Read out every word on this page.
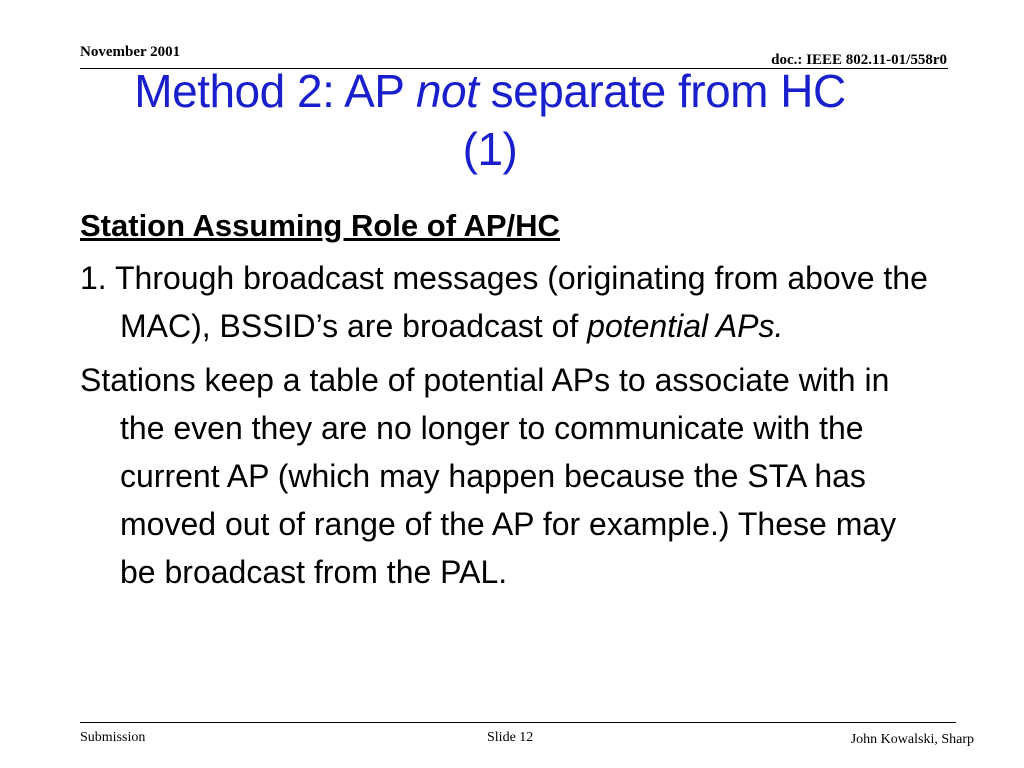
November 2001	doc.: IEEE 802.11-01/558r0
Method 2: AP not separate from HC
(1)
Station Assuming Role of AP/HC
1. Through broadcast messages (originating from above the MAC), BSSID’s are broadcast of potential APs.
Stations keep a table of potential APs to associate with in the even they are no longer to communicate with the current AP (which may happen because the STA has moved out of range of the AP for example.) These may be broadcast from the PAL.
Submission	Slide 12	John Kowalski, Sharp
